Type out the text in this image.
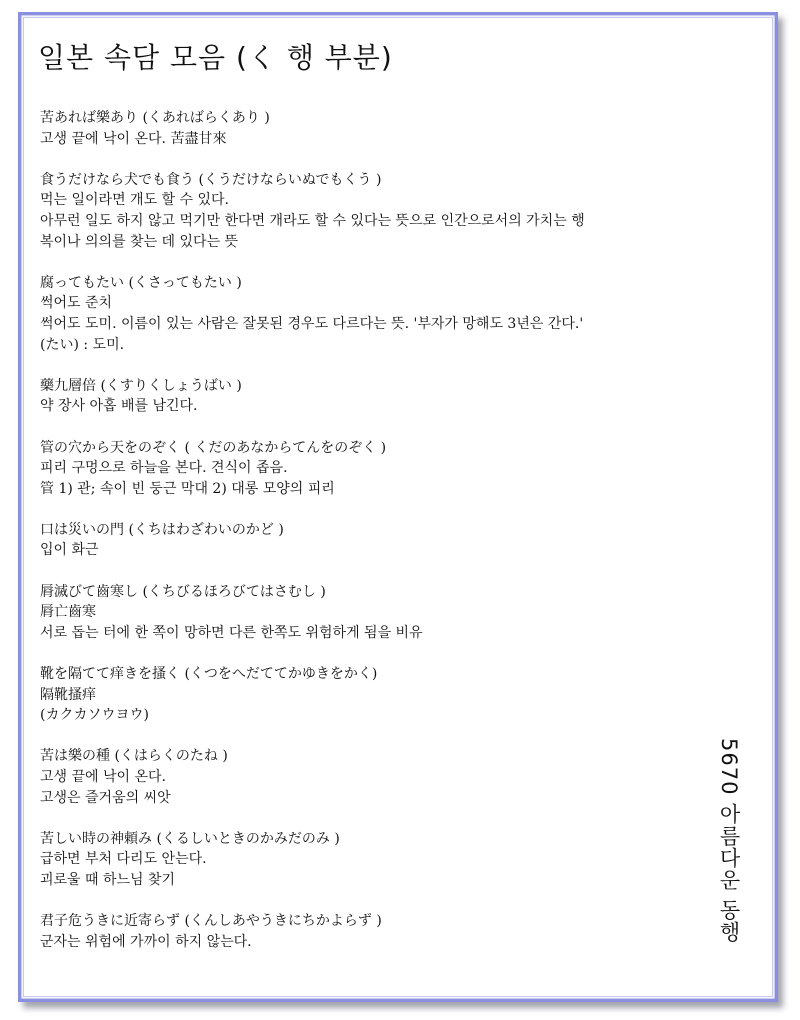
일본 속담 모음 (く 행 부분)
苦あれば樂あり (くあればらくあり )
고생 끝에 낙이 온다. 苦盡甘來
食うだけなら犬でも食う (くうだけならいぬでもくう )
먹는 일이라면 개도 할 수 있다.
아무런 일도 하지 않고 먹기만 한다면 개라도 할 수 있다는 뜻으로 인간으로서의 가치는 행
복이나 의의를 찾는 데 있다는 뜻
腐ってもたい (くさってもたい )
썩어도 준치
썩어도 도미. 이름이 있는 사람은 잘못된 경우도 다르다는 뜻. '부자가 망해도 3년은 간다.'
(たい) : 도미.
藥九層倍 (くすりくしょうばい )
약 장사 아홉 배를 남긴다.
管の穴から天をのぞく ( くだのあなからてんをのぞく )
피리 구멍으로 하늘을 본다. 견식이 좁음.
管 1) 관; 속이 빈 둥근 막대 2) 대롱 모양의 피리
口は災いの門 (くちはわざわいのかど )
입이 화근
脣滅びて齒寒し (くちびるほろびてはさむし )
脣亡齒寒
서로 돕는 터에 한 쪽이 망하면 다른 한쪽도 위험하게 됨을 비유
靴を隔てて痒きを搔く (くつをへだててかゆきをかく)
隔靴搔痒
(カクカソウヨウ)
苦は樂の種 (くはらくのたね )
고생 끝에 낙이 온다.
고생은 즐거움의 씨앗
苦しい時の神頼み (くるしいときのかみだのみ )
급하면 부처 다리도 안는다.
괴로울 때 하느님 찾기
君子危うきに近寄らず (くんしあやうきにちかよらず )
군자는 위험에 가까이 하지 않는다.	5670 아름다운 동행
